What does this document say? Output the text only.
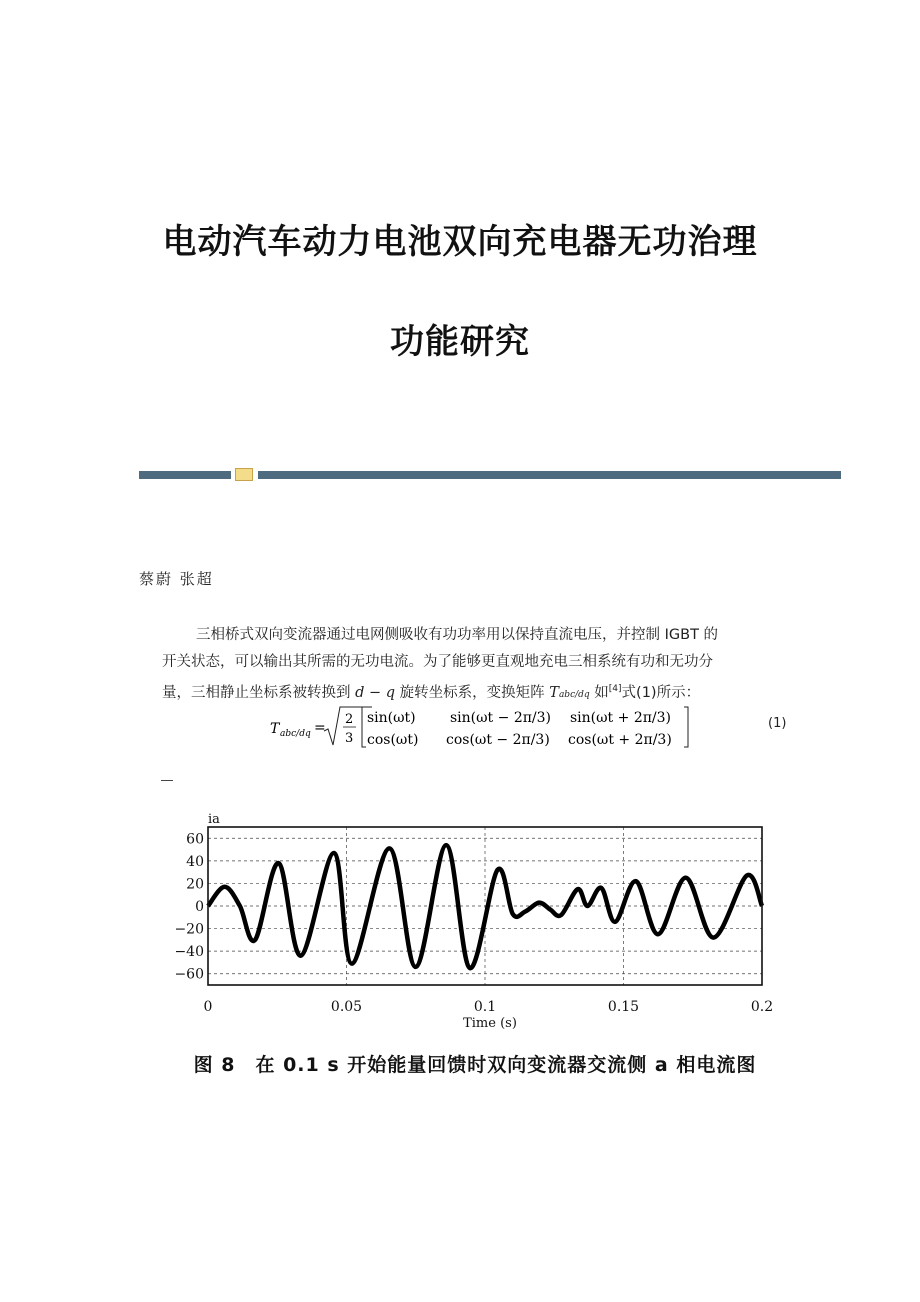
电动汽车动力电池双向充电器无功治理
功能研究
蔡蔚 张超
三相桥式双向变流器通过电网侧吸收有功功率用以保持直流电压，并控制 IGBT 的
开关状态，可以输出其所需的无功电流。为了能够更直观地充电三相系统有功和无功分
量，三相静止坐标系被转换到 d − q 旋转坐标系，变换矩阵 Tabc/dq 如[4]式(1)所示：
T abc/dq =
2
3
sin(ωt) sin(ωt − 2π/3) sin(ωt + 2π/3)
cos(ωt) cos(ωt − 2π/3) cos(ωt + 2π/3)
(1)
60
40
20
0
−20
−40
−60
0	0.05	0.1	0.15	0.2
ia
Time (s)
图 8　在 0.1 s 开始能量回馈时双向变流器交流侧 a 相电流图
